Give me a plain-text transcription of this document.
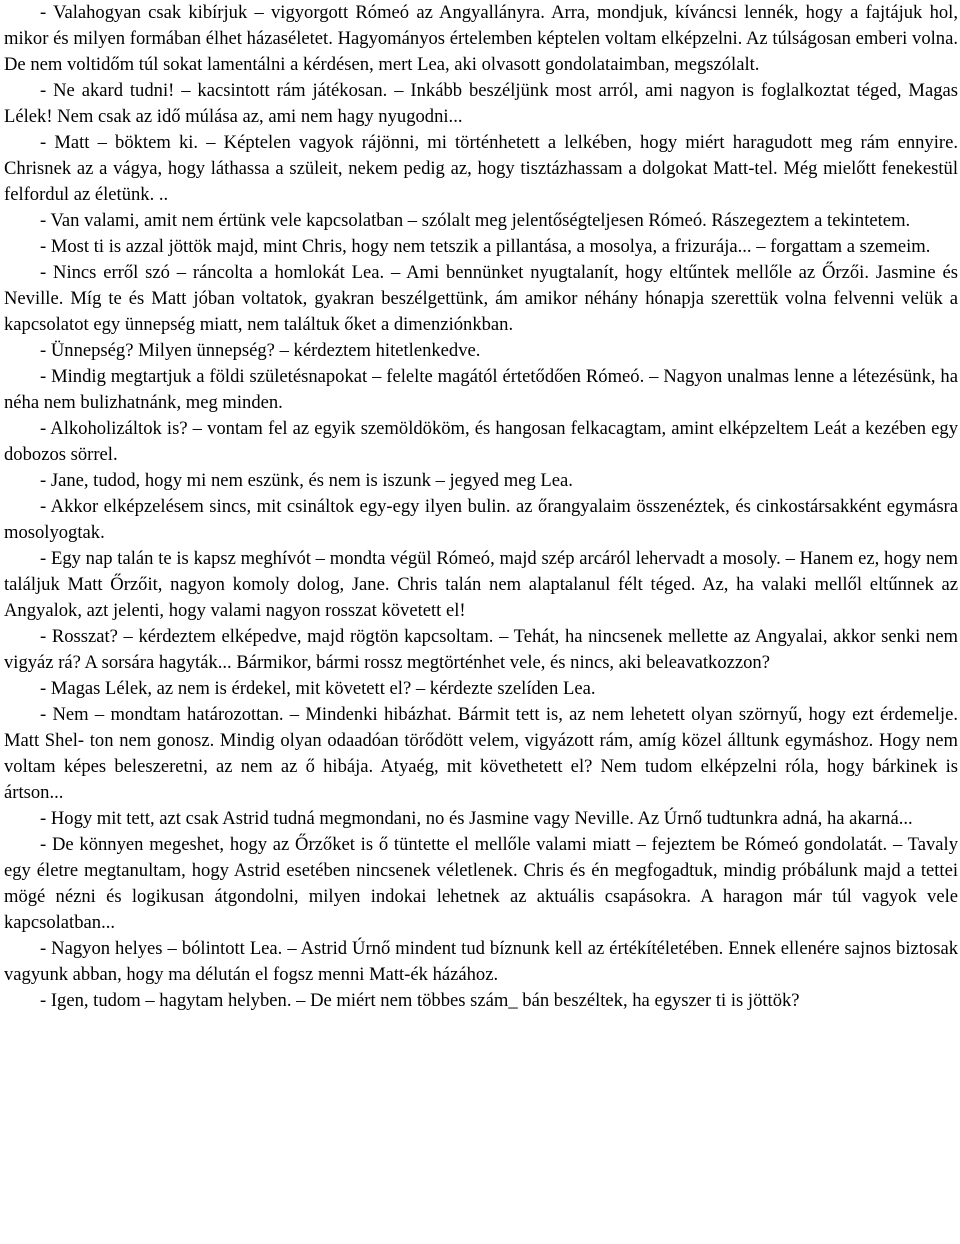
- Valahogyan csak kibírjuk – vigyorgott Rómeó az Angyallányra. Arra, mondjuk, kíváncsi lennék, hogy a fajtájuk hol, mikor és milyen formában élhet házaséletet. Hagyományos értelemben képtelen voltam elképzelni. Az túlságosan emberi volna. De nem voltidőm túl sokat lamentálni a kérdésen, mert Lea, aki olvasott gondolataimban, megszólalt.

- Ne akard tudni! – kacsintott rám játékosan. – Inkább beszéljünk most arról, ami nagyon is foglalkoztat téged, Magas Lélek! Nem csak az idő múlása az, ami nem hagy nyugodni...

- Matt – böktem ki. – Képtelen vagyok rájönni, mi történhetett a lelkében, hogy miért haragudott meg rám ennyire. Chrisnek az a vágya, hogy láthassa a szüleit, nekem pedig az, hogy tisztázhassam a dolgokat Matt-tel. Még mielőtt fenekestül felfordul az életünk. ..

- Van valami, amit nem értünk vele kapcsolatban – szólalt meg jelentőségteljesen Rómeó. Rászegeztem a tekintetem.

- Most ti is azzal jöttök majd, mint Chris, hogy nem tetszik a pillantása, a mosolya, a frizurája... – forgattam a szemeim.

- Nincs erről szó – ráncolta a homlokát Lea. – Ami bennünket nyugtalanít, hogy eltűntek mellőle az Őrzői. Jasmine és Neville. Míg te és Matt jóban voltatok, gyakran beszélgettünk, ám amikor néhány hónapja szerettük volna felvenni velük a kapcsolatot egy ünnepség miatt, nem találtuk őket a dimenziónkban.

- Ünnepség? Milyen ünnepség? – kérdeztem hitetlenkedve.

- Mindig megtartjuk a földi születésnapokat – felelte magától értetődően Rómeó. – Nagyon unalmas lenne a létezésünk, ha néha nem bulizhatnánk, meg minden.

- Alkoholizáltok is? – vontam fel az egyik szemöldököm, és hangosan felkacagtam, amint elképzeltem Leát a kezében egy dobozos sörrel.

- Jane, tudod, hogy mi nem eszünk, és nem is iszunk – jegyed meg Lea.

- Akkor elképzelésem sincs, mit csináltok egy-egy ilyen bulin. az őrangyalaim összenéztek, és cinkostársakként egymásra mosolyogtak.

- Egy nap talán te is kapsz meghívót – mondta végül Rómeó, majd szép arcáról lehervadt a mosoly. – Hanem ez, hogy nem találjuk Matt Őrzőit, nagyon komoly dolog, Jane. Chris talán nem alaptalanul félt téged. Az, ha valaki mellől eltűnnek az Angyalok, azt jelenti, hogy valami nagyon rosszat követett el!

- Rosszat? – kérdeztem elképedve, majd rögtön kapcsoltam. – Tehát, ha nincsenek mellette az Angyalai, akkor senki nem vigyáz rá? A sorsára hagyták... Bármikor, bármi rossz megtörténhet vele, és nincs, aki beleavatkozzon?

- Magas Lélek, az nem is érdekel, mit követett el? – kérdezte szelíden Lea.

- Nem – mondtam határozottan. – Mindenki hibázhat. Bármit tett is, az nem lehetett olyan szörnyű, hogy ezt érdemelje. Matt Shel- ton nem gonosz. Mindig olyan odaadóan törődött velem, vigyázott rám, amíg közel álltunk egymáshoz. Hogy nem voltam képes beleszeretni, az nem az ő hibája. Atyaég, mit követhetett el? Nem tudom elképzelni róla, hogy bárkinek is ártson...

- Hogy mit tett, azt csak Astrid tudná megmondani, no és Jasmine vagy Neville. Az Úrnő tudtunkra adná, ha akarná...

- De könnyen megeshet, hogy az Őrzőket is ő tüntette el mellőle valami miatt – fejeztem be Rómeó gondolatát. – Tavaly egy életre megtanultam, hogy Astrid esetében nincsenek véletlenek. Chris és én megfogadtuk, mindig próbálunk majd a tettei mögé nézni és logikusan átgondolni, milyen indokai lehetnek az aktuális csapásokra. A haragon már túl vagyok vele kapcsolatban...

- Nagyon helyes – bólintott Lea. – Astrid Úrnő mindent tud bíznunk kell az értékítéletében. Ennek ellenére sajnos biztosak vagyunk abban, hogy ma délután el fogsz menni Matt-ék házához.

- Igen, tudom – hagytam helyben. – De miért nem többes szám_ bán beszéltek, ha egyszer ti is jöttök?
